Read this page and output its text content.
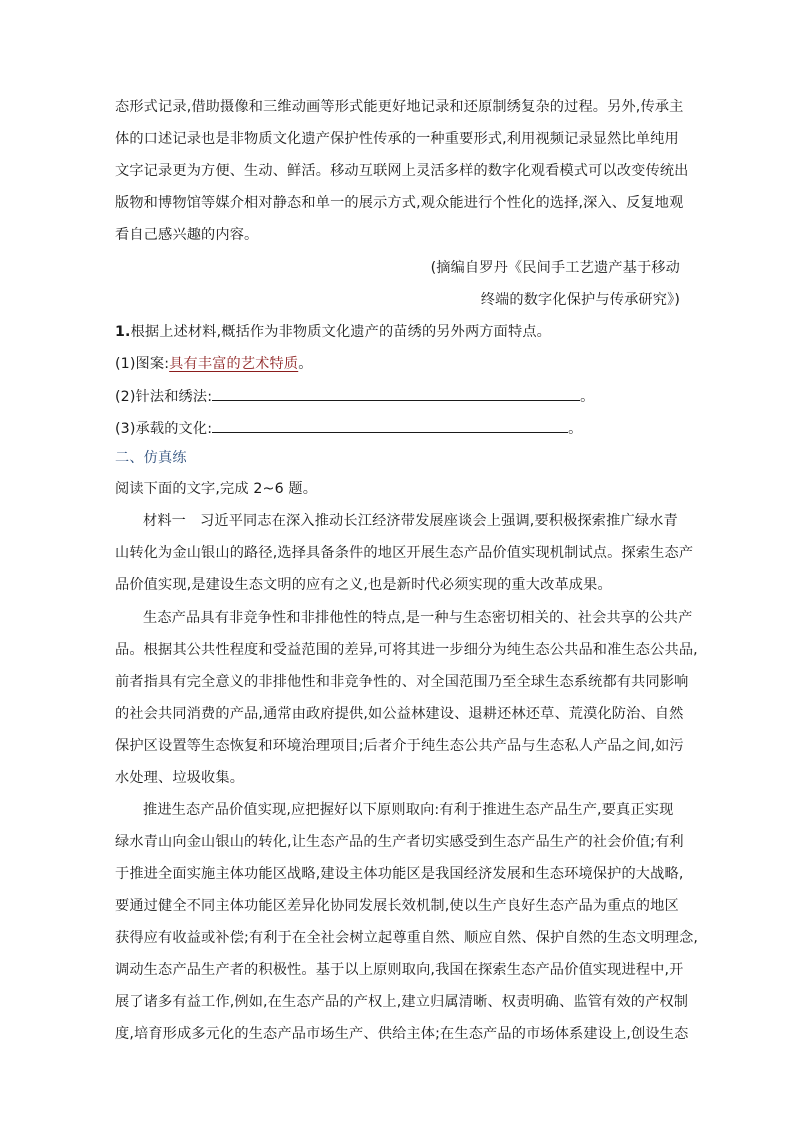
态形式记录,借助摄像和三维动画等形式能更好地记录和还原制绣复杂的过程。另外,传承主
体的口述记录也是非物质文化遗产保护性传承的一种重要形式,利用视频记录显然比单纯用
文字记录更为方便、生动、鲜活。移动互联网上灵活多样的数字化观看模式可以改变传统出
版物和博物馆等媒介相对静态和单一的展示方式,观众能进行个性化的选择,深入、反复地观
看自己感兴趣的内容。
(摘编自罗丹《民间手工艺遗产基于移动
终端的数字化保护与传承研究》)
1.根据上述材料,概括作为非物质文化遗产的苗绣的另外两方面特点。
(1)图案:具有丰富的艺术特质。
(2)针法和绣法:	。
(3)承载的文化:	。
二、仿真练
阅读下面的文字,完成 2~6 题。
材料一 习近平同志在深入推动长江经济带发展座谈会上强调,要积极探索推广绿水青
山转化为金山银山的路径,选择具备条件的地区开展生态产品价值实现机制试点。探索生态产
品价值实现,是建设生态文明的应有之义,也是新时代必须实现的重大改革成果。
生态产品具有非竞争性和非排他性的特点,是一种与生态密切相关的、社会共享的公共产
品。根据其公共性程度和受益范围的差异,可将其进一步细分为纯生态公共品和准生态公共品,
前者指具有完全意义的非排他性和非竞争性的、对全国范围乃至全球生态系统都有共同影响
的社会共同消费的产品,通常由政府提供,如公益林建设、退耕还林还草、荒漠化防治、自然
保护区设置等生态恢复和环境治理项目;后者介于纯生态公共产品与生态私人产品之间,如污
水处理、垃圾收集。
推进生态产品价值实现,应把握好以下原则取向:有利于推进生态产品生产,要真正实现
绿水青山向金山银山的转化,让生态产品的生产者切实感受到生态产品生产的社会价值;有利
于推进全面实施主体功能区战略,建设主体功能区是我国经济发展和生态环境保护的大战略,
要通过健全不同主体功能区差异化协同发展长效机制,使以生产良好生态产品为重点的地区
获得应有收益或补偿;有利于在全社会树立起尊重自然、顺应自然、保护自然的生态文明理念,
调动生态产品生产者的积极性。基于以上原则取向,我国在探索生态产品价值实现进程中,开
展了诸多有益工作,例如,在生态产品的产权上,建立归属清晰、权责明确、监管有效的产权制
度,培育形成多元化的生态产品市场生产、供给主体;在生态产品的市场体系建设上,创设生态
